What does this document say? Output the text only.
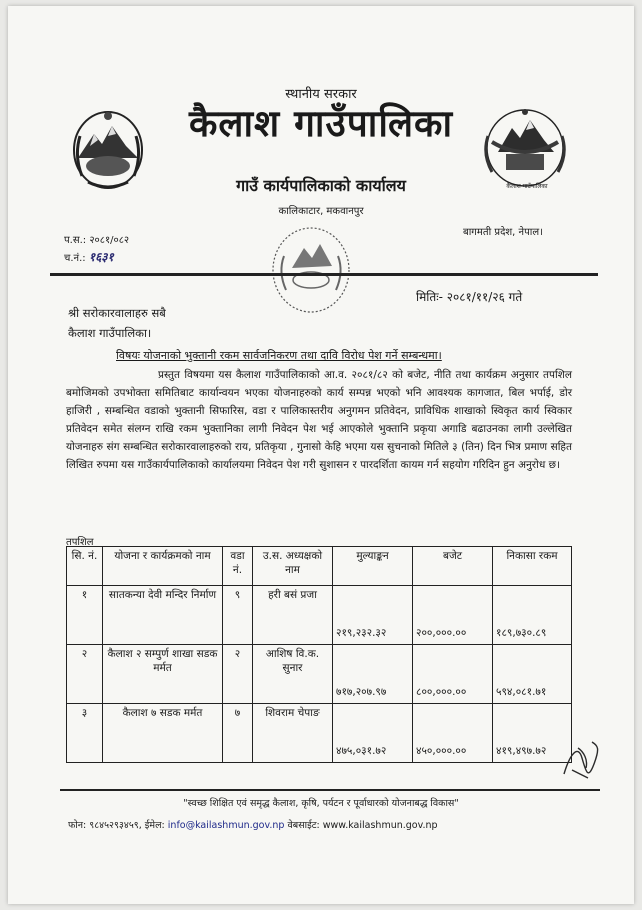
कैलाश गाउँपालिका
स्थानीय सरकार
कैलाश गाउँपालिका
गाउँ कार्यपालिकाको कार्यालय
कालिकाटार, मकवानपुर
बागमती प्रदेश, नेपाल।
प.स.: २०८१/०८२
च.नं.: १६३१
मितिः- २०८१/११/२६ गते
श्री सरोकारवालाहरु सबै
कैलाश गाउँपालिका।
विषयः योजनाको भुक्तानी रकम सार्वजनिकरण तथा दावि विरोध पेश गर्ने सम्बन्धमा।
प्रस्तुत विषयमा यस कैलाश गाउँपालिकाको आ.व. २०८१/८२ को बजेट, नीति तथा कार्यक्रम अनुसार तपशिल बमोजिमको उपभोक्ता समितिबाट कार्यान्वयन भएका योजनाहरुको कार्य सम्पन्न भएको भनि आवश्यक कागजात, बिल भर्पाई, डोर हाजिरी , सम्बन्धित वडाको भुक्तानी सिफारिस, वडा र पालिकास्तरीय अनुगमन प्रतिवेदन, प्राविधिक शाखाको स्विकृत कार्य स्विकार प्रतिवेदन समेत संलग्न राखि रकम भुक्तानिका लागी निवेदन पेश भई आएकोले भुक्तानि प्रकृया अगाडि बढाउनका लागी उल्लेखित योजनाहरु संग सम्बन्धित सरोकारवालाहरुको राय, प्रतिकृया , गुनासो केहि भएमा यस सुचनाको मितिले ३ (तिन) दिन भित्र प्रमाण सहित लिखित रुपमा यस गाउँकार्यपालिकाको कार्यालयमा निवेदन पेश गरी सुशासन र पारदर्शिता कायम गर्न सहयोग गरिदिन हुन अनुरोध छ।
तपशिल
सि. नं.	योजना र कार्यक्रमको नाम	वडा नं.	उ.स. अध्यक्षको नाम	मुल्याङ्कन	बजेट	निकासा रकम
१	सातकन्या देवी मन्दिर निर्माण	९	हरी बसं प्रजा	२१९,२३२.३२	२००,०००.००	१८९,७३०.८९
२	कैलाश २ सम्पुर्ण शाखा सडक मर्मत	२	आशिष वि.क. सुनार	७१७,२०७.९७	८००,०००.००	५९४,०८१.७१
३	कैलाश ७ सडक मर्मत	७	शिवराम चेपाङ	४७५,०३१.७२	४५०,०००.००	४१९,४९७.७२
"स्वच्छ शिक्षित एवं समृद्ध कैलाश, कृषि, पर्यटन र पूर्वाधारको योजनाबद्ध विकास"
फोन: ९८४५२९३४५९, ईमेल: info@kailashmun.gov.np वेबसाईट: www.kailashmun.gov.np
